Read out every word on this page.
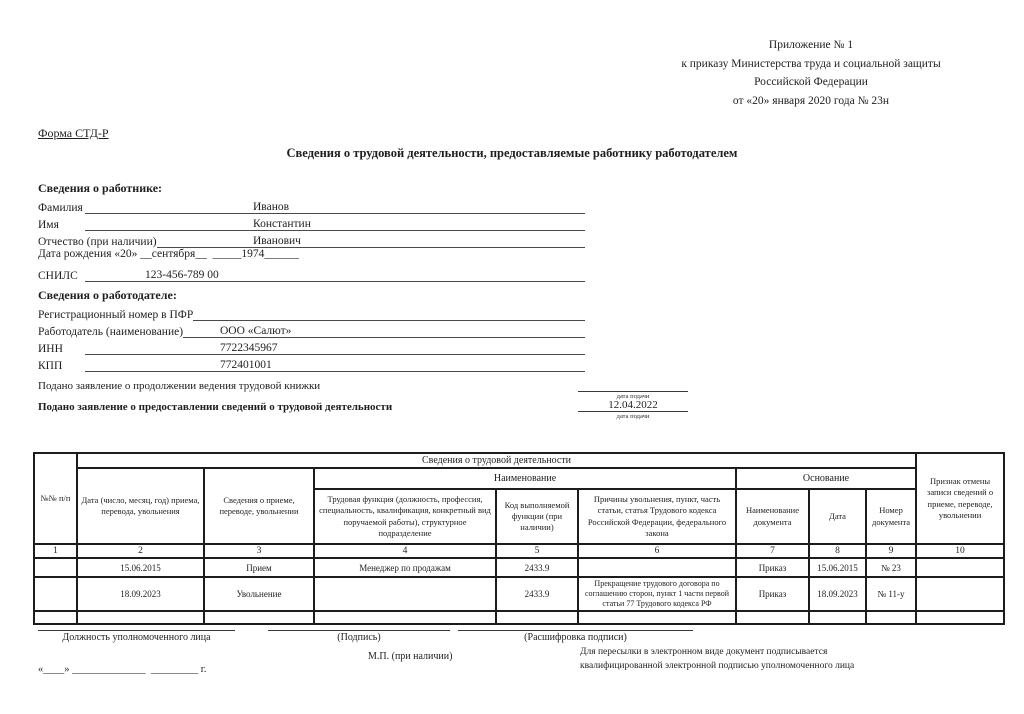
Приложение № 1
к приказу Министерства труда и социальной защиты
Российской Федерации
от «20» января 2020 года № 23н
Форма СТД-Р
Сведения о трудовой деятельности, предоставляемые работнику работодателем
Сведения о работнике:
Фамилия	Иванов
Имя	Константин
Отчество (при наличии)	Иванович
Дата рождения «20» __сентября__  _____1974______
СНИЛС	123-456-789 00
Сведения о работодателе:
Регистрационный номер в ПФР
Работодатель (наименование)	ООО «Салют»
ИНН	7722345967
КПП	772401001
Подано заявление о продолжении ведения трудовой книжки
дата подачи
Подано заявление о предоставлении сведений о трудовой деятельности	12.04.2022
дата подачи
№№ п/п	Сведения о трудовой деятельности								Признак отмены записи сведений о приеме, переводе, увольнении
	Дата (число, месяц, год) приема, перевода, увольнения	Сведения о приеме, переводе, увольнении	Наименование			Основание			
			Трудовая функция (должность, профессия, специальность, квалификация, конкретный вид поручаемой работы), структурное подразделение	Код выполняемой функции (при наличии)	Причины увольнения, пункт, часть статьи, статья Трудового кодекса Российской Федерации, федерального закона	Наименование документа	Дата	Номер документа	
1	2	3	4	5	6	7	8	9	10
	15.06.2015	Прием	Менеджер по продажам	2433.9		Приказ	15.06.2015	№ 23	
	18.09.2023	Увольнение		2433.9	Прекращение трудового договора по соглашению сторон, пункт 1 части первой статьи 77 Трудового кодекса РФ	Приказ	18.09.2023	№ 11-у	

Должность уполномоченного лица	(Подпись)	(Расшифровка подписи)
М.П. (при наличии)	Для пересылки в электронном виде документ подписывается
квалифицированной электронной подписью уполномоченного лица
«____» ______________  _________ г.
